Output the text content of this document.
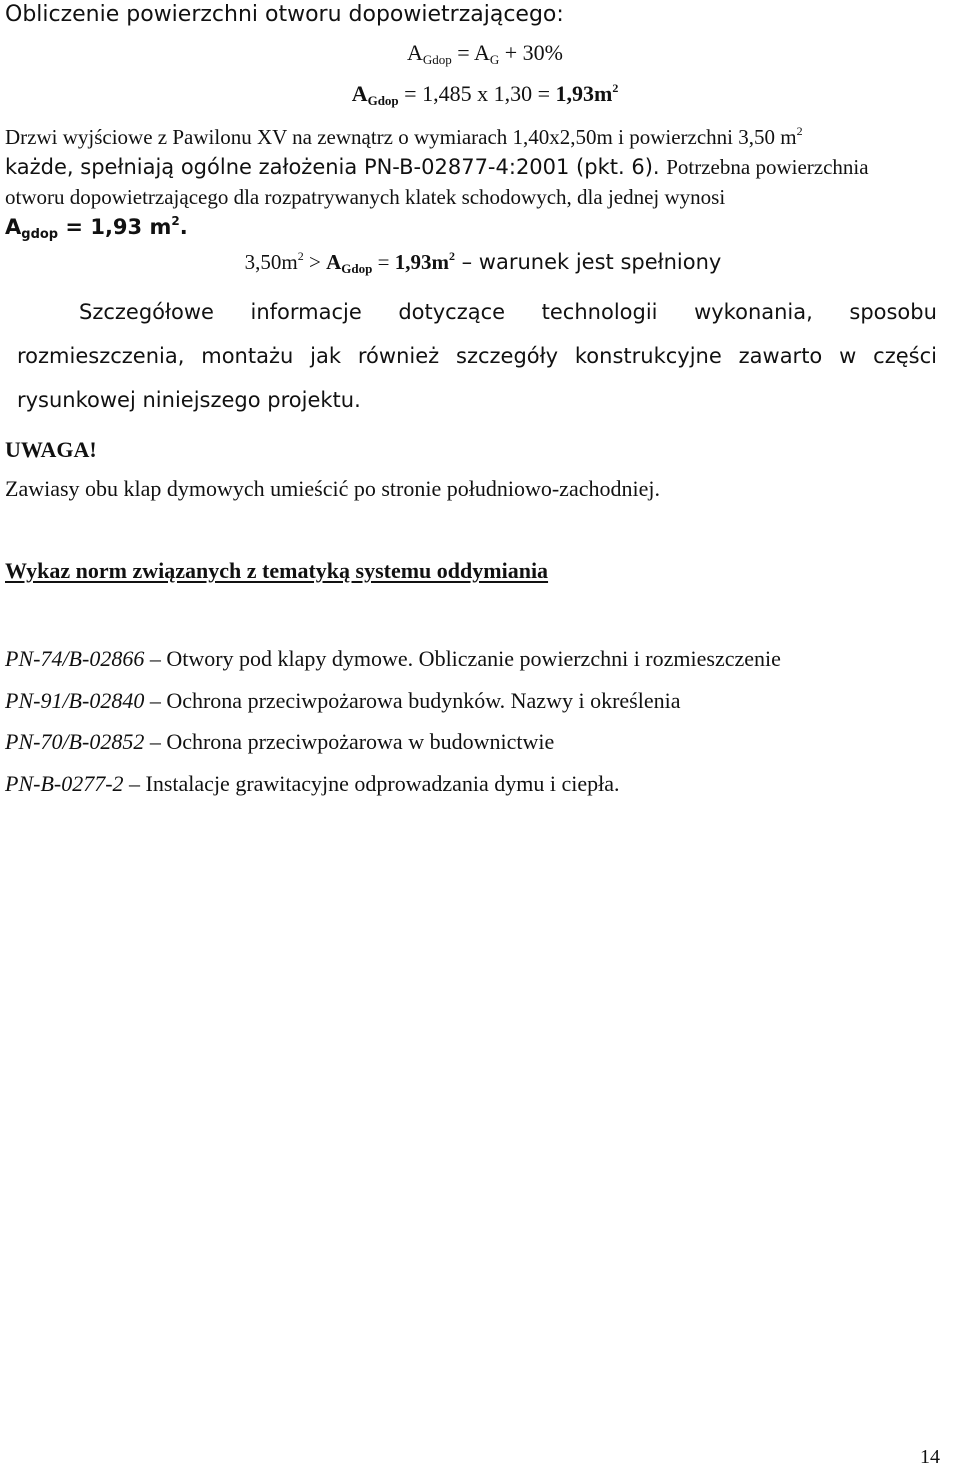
Obliczenie powierzchni otworu dopowietrzającego:
$A_{Gdop} = A_G + 30\%$
$A_{Gdop} = 1,485$ x $1,30 = 1,93m^2$
Drzwi wyjściowe z Pawilonu XV na zewnątrz o wymiarach 1,40x2,50m i powierzchni 3,50 $m^2$
każde, spełniają ogólne założenia PN-B-02877-4:2001 (pkt. 6). Potrzebna powierzchnia
otworu dopowietrzającego dla rozpatrywanych klatek schodowych, dla jednej wynosi
$A_{gdop} = 1,93$ $m^2$.
$3,50m^2 > A_{Gdop} = 1,93m^2$ – warunek jest spełniony
Szczegółowe informacje dotyczące technologii wykonania, sposobu
rozmieszczenia, montażu jak również szczegóły konstrukcyjne zawarto w części
rysunkowej niniejszego projektu.
UWAGA!
Zawiasy obu klap dymowych umieścić po stronie południowo-zachodniej.
Wykaz norm związanych z tematyką systemu oddymiania
PN-74/B-02866 – Otwory pod klapy dymowe. Obliczanie powierzchni i rozmieszczenie
PN-91/B-02840 – Ochrona przeciwpożarowa budynków. Nazwy i określenia
PN-70/B-02852 – Ochrona przeciwpożarowa w budownictwie
PN-B-0277-2 – Instalacje grawitacyjne odprowadzania dymu i ciepła.
14
